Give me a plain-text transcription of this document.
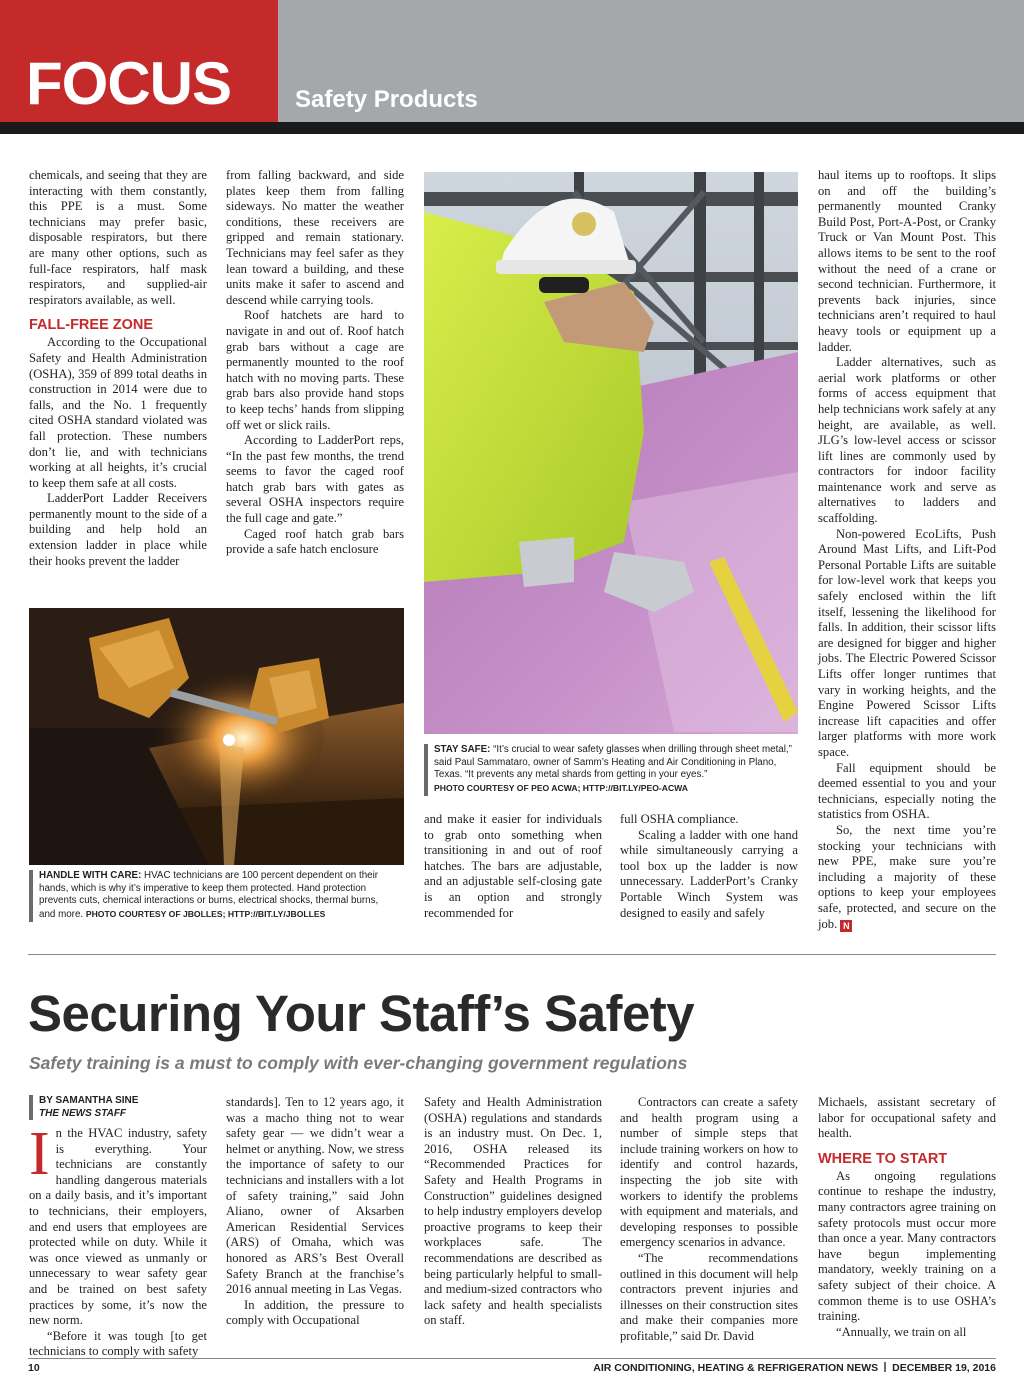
FOCUS	Safety Products

chemicals, and seeing that they are interacting with them constantly, this PPE is a must. Some technicians may prefer basic, disposable respirators, but there are many other options, such as full-face respirators, half mask respirators, and supplied-air respirators available, as well.

FALL-FREE ZONE

According to the Occupational Safety and Health Administration (OSHA), 359 of 899 total deaths in construction in 2014 were due to falls, and the No. 1 frequently cited OSHA standard violated was fall protection. These numbers don’t lie, and with technicians working at all heights, it’s crucial to keep them safe at all costs.

LadderPort Ladder Receivers permanently mount to the side of a building and help hold an extension ladder in place while their hooks prevent the ladder

from falling backward, and side plates keep them from falling sideways. No matter the weather conditions, these receivers are gripped and remain stationary. Technicians may feel safer as they lean toward a building, and these units make it safer to ascend and descend while carrying tools.

Roof hatchets are hard to navigate in and out of. Roof hatch grab bars without a cage are permanently mounted to the roof hatch with no moving parts. These grab bars also provide hand stops to keep techs’ hands from slipping off wet or slick rails.

According to LadderPort reps, “In the past few months, the trend seems to favor the caged roof hatch grab bars with gates as several OSHA inspectors require the full cage and gate.”

Caged roof hatch grab bars provide a safe hatch enclosure

HANDLE WITH CARE: HVAC technicians are 100 percent dependent on their hands, which is why it’s imperative to keep them protected. Hand protection prevents cuts, chemical interactions or burns, electrical shocks, thermal burns, and more. PHOTO COURTESY OF JBOLLES; HTTP://BIT.LY/JBOLLES
STAY SAFE: “It’s crucial to wear safety glasses when drilling through sheet metal,” said Paul Sammataro, owner of Samm’s Heating and Air Conditioning in Plano, Texas. “It prevents any metal shards from getting in your eyes.”
PHOTO COURTESY OF PEO ACWA; HTTP://BIT.LY/PEO-ACWA

and make it easier for individuals to grab onto something when transitioning in and out of roof hatches. The bars are adjustable, and an adjustable self-closing gate is an option and strongly recommended for

full OSHA compliance.

Scaling a ladder with one hand while simultaneously carrying a tool box up the ladder is now unnecessary. LadderPort’s Cranky Portable Winch System was designed to easily and safely

haul items up to rooftops. It slips on and off the building’s permanently mounted Cranky Build Post, Port-A-Post, or Cranky Truck or Van Mount Post. This allows items to be sent to the roof without the need of a crane or second technician. Furthermore, it prevents back injuries, since technicians aren’t required to haul heavy tools or equipment up a ladder.

Ladder alternatives, such as aerial work platforms or other forms of access equipment that help technicians work safely at any height, are available, as well. JLG’s low-level access or scissor lift lines are commonly used by contractors for indoor facility maintenance work and serve as alternatives to ladders and scaffolding.

Non-powered EcoLifts, Push Around Mast Lifts, and Lift-Pod Personal Portable Lifts are suitable for low-level work that keeps you safely enclosed within the lift itself, lessening the likelihood for falls. In addition, their scissor lifts are designed for bigger and higher jobs. The Electric Powered Scissor Lifts offer longer runtimes that vary in working heights, and the Engine Powered Scissor Lifts increase lift capacities and offer larger platforms with more work space.

Fall equipment should be deemed essential to you and your technicians, especially noting the statistics from OSHA.

So, the next time you’re stocking your technicians with new PPE, make sure you’re including a majority of these options to keep your employees safe, protected, and secure on the job. N

Securing Your Staff’s Safety
Safety training is a must to comply with ever-changing government regulations
BY SAMANTHA SINE
THE NEWS STAFF

In the HVAC industry, safety is everything. Your technicians are constantly handling dangerous materials on a daily basis, and it’s important to technicians, their employers, and end users that employees are protected while on duty. While it was once viewed as unmanly or unnecessary to wear safety gear and be trained on best safety practices by some, it’s now the new norm.

“Before it was tough [to get technicians to comply with safety

standards]. Ten to 12 years ago, it was a macho thing not to wear safety gear — we didn’t wear a helmet or anything. Now, we stress the importance of safety to our technicians and installers with a lot of safety training,” said John Aliano, owner of Aksarben American Residential Services (ARS) of Omaha, which was honored as ARS’s Best Overall Safety Branch at the franchise’s 2016 annual meeting in Las Vegas.

In addition, the pressure to comply with Occupational

Safety and Health Administration (OSHA) regulations and standards is an industry must. On Dec. 1, 2016, OSHA released its “Recommended Practices for Safety and Health Programs in Construction” guidelines designed to help industry employers develop proactive programs to keep their workplaces safe. The recommendations are described as being particularly helpful to small- and medium-sized contractors who lack safety and health specialists on staff.

Contractors can create a safety and health program using a number of simple steps that include training workers on how to identify and control hazards, inspecting the job site with workers to identify the problems with equipment and materials, and developing responses to possible emergency scenarios in advance.

“The recommendations outlined in this document will help contractors prevent injuries and illnesses on their construction sites and make their companies more profitable,” said Dr. David

Michaels, assistant secretary of labor for occupational safety and health.

WHERE TO START

As ongoing regulations continue to reshape the industry, many contractors agree training on safety protocols must occur more than once a year. Many contractors have begun implementing mandatory, weekly training on a safety subject of their choice. A common theme is to use OSHA’s training.

“Annually, we train on all

10	AIR CONDITIONING, HEATING & REFRIGERATION NEWS DECEMBER 19, 2016
